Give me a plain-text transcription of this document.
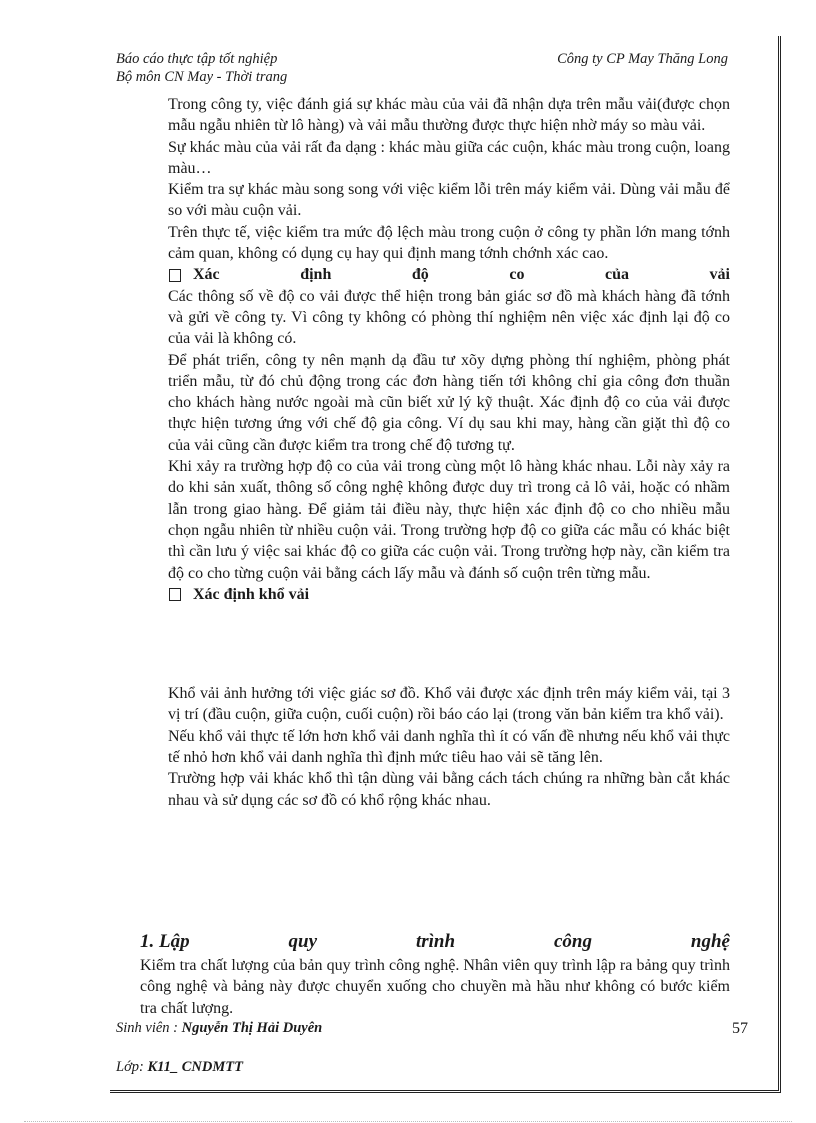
Báo cáo thực tập tốt nghiệp	Công ty CP May Thăng Long
Bộ môn CN May - Thời trang

Trong công ty, việc đánh giá sự khác màu của vải đã nhận dựa trên mẫu vải(được chọn mẫu ngẫu nhiên từ lô hàng) và vải mẫu thường được thực hiện nhờ máy so màu vải.

Sự khác màu của vải rất đa dạng : khác màu giữa các cuộn, khác màu trong cuộn, loang màu…

Kiểm tra sự khác màu song song với việc kiểm lỗi trên máy kiểm vải. Dùng vải mẫu để so với màu cuộn vải.

Trên thực tế, việc kiểm tra mức độ lệch màu trong cuộn ở công ty phần lớn mang tớnh cảm quan, không có dụng cụ hay qui định mang tớnh chớnh xác cao.

Xác	định	độ	co	của	vải

Các thông số về độ co vải được thể hiện trong bản giác sơ đồ mà khách hàng đã tớnh và gửi về công ty. Vì công ty không có phòng thí nghiệm nên việc xác định lại độ co của vải là không có.

Để phát triển, công ty nên mạnh dạ đầu tư xõy dựng phòng thí nghiệm, phòng phát triển mẫu, từ đó chủ động trong các đơn hàng tiến tới không chỉ gia công đơn thuần cho khách hàng nước ngoài mà cũn biết xử lý kỹ thuật. Xác định độ co của vải được thực hiện tương ứng với chế độ gia công. Ví dụ sau khi may, hàng cần giặt thì độ co của vải cũng cần được kiểm tra trong chế độ tương tự.

Khi xảy ra trường hợp độ co của vải trong cùng một lô hàng khác nhau. Lỗi này xảy ra do khi sản xuất, thông số công nghệ không được duy trì trong cả lô vải, hoặc có nhầm lẫn trong giao hàng. Để giảm tải điều này, thực hiện xác định độ co cho nhiều mẫu chọn ngẫu nhiên từ nhiều cuộn vải. Trong trường hợp độ co giữa các mẫu có khác biệt thì cần lưu ý việc sai khác độ co giữa các cuộn vải. Trong trường hợp này, cần kiểm tra độ co cho từng cuộn vải bằng cách lấy mẫu và đánh số cuộn trên từng mẫu.

Xác định khổ vải

Khổ vải ảnh hưởng tới việc giác sơ đồ. Khổ vải được xác định trên máy kiểm vải, tại 3 vị trí (đầu cuộn, giữa cuộn, cuối cuộn) rồi báo cáo lại (trong văn bản kiểm tra khổ vải).

Nếu khổ vải thực tế lớn hơn khổ vải danh nghĩa thì ít có vấn đề nhưng nếu khổ vải thực tế nhỏ hơn khổ vải danh nghĩa thì định mức tiêu hao vải sẽ tăng lên.

Trường hợp vải khác khổ thì tận dùng vải bằng cách tách chúng ra những bàn cắt khác nhau và sử dụng các sơ đồ có khổ rộng khác nhau.

1. Lập	quy	trình	công	nghệ

Kiểm tra chất lượng của bản quy trình công nghệ. Nhân viên quy trình lập ra bảng quy trình công nghệ và bảng này được chuyển xuống cho chuyền mà hầu như không có bước kiểm tra chất lượng.

Sinh viên : Nguyễn Thị Hải Duyên	57
Lớp: K11_ CNDMTT
